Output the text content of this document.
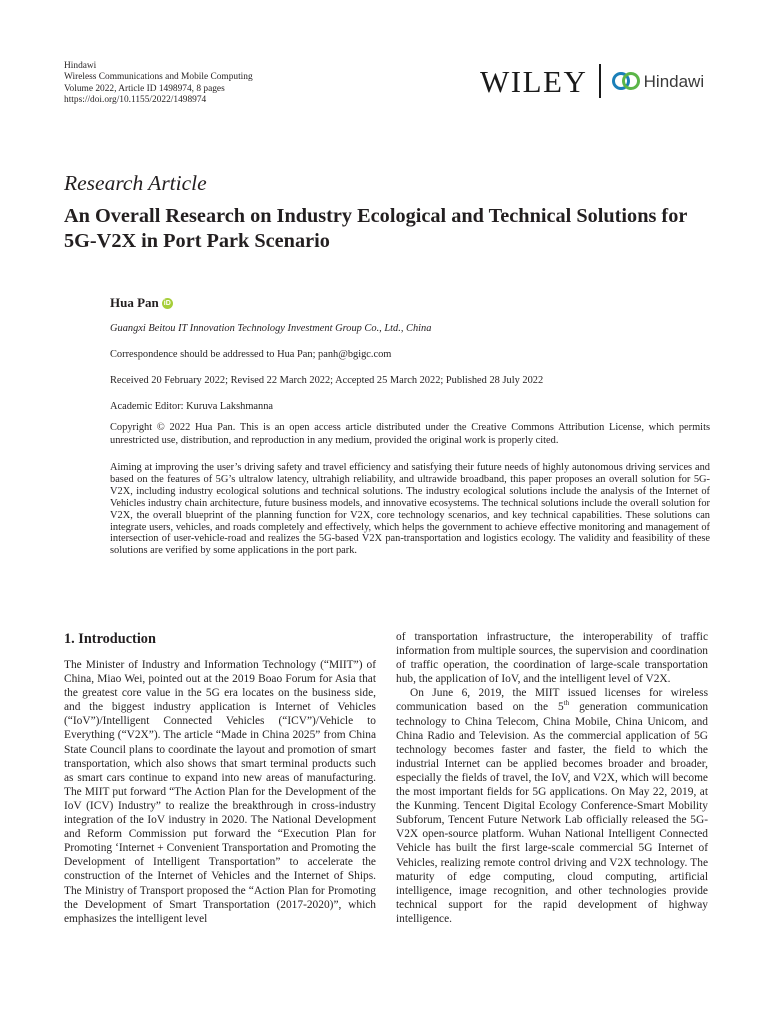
Hindawi
Wireless Communications and Mobile Computing
Volume 2022, Article ID 1498974, 8 pages
https://doi.org/10.1155/2022/1498974
WILEY	Hindawi
Research Article
An Overall Research on Industry Ecological and Technical Solutions for 5G-V2X in Port Park Scenario
Hua Pan iD
Guangxi Beitou IT Innovation Technology Investment Group Co., Ltd., China
Correspondence should be addressed to Hua Pan; panh@bgigc.com
Received 20 February 2022; Revised 22 March 2022; Accepted 25 March 2022; Published 28 July 2022
Academic Editor: Kuruva Lakshmanna
Copyright © 2022 Hua Pan. This is an open access article distributed under the Creative Commons Attribution License, which permits unrestricted use, distribution, and reproduction in any medium, provided the original work is properly cited.
Aiming at improving the user’s driving safety and travel efficiency and satisfying their future needs of highly autonomous driving services and based on the features of 5G’s ultralow latency, ultrahigh reliability, and ultrawide broadband, this paper proposes an overall solution for 5G-V2X, including industry ecological solutions and technical solutions. The industry ecological solutions include the analysis of the Internet of Vehicles industry chain architecture, future business models, and innovative ecosystems. The technical solutions include the overall solution for V2X, the overall blueprint of the planning function for V2X, core technology scenarios, and key technical capabilities. These solutions can integrate users, vehicles, and roads completely and effectively, which helps the government to achieve effective monitoring and management of intersection of user-vehicle-road and realizes the 5G-based V2X pan-transportation and logistics ecology. The validity and feasibility of these solutions are verified by some applications in the port park.
1. Introduction

The Minister of Industry and Information Technology (“MIIT”) of China, Miao Wei, pointed out at the 2019 Boao Forum for Asia that the greatest core value in the 5G era locates on the business side, and the biggest industry application is Internet of Vehicles (“IoV”)/Intelligent Connected Vehicles (“ICV”)/Vehicle to Everything (“V2X”). The article “Made in China 2025” from China State Council plans to coordinate the layout and promotion of smart transportation, which also shows that smart terminal products such as smart cars continue to expand into new areas of manufacturing. The MIIT put forward “The Action Plan for the Development of the IoV (ICV) Industry” to realize the breakthrough in cross-industry integration of the IoV industry in 2020. The National Development and Reform Commission put forward the “Execution Plan for Promoting ‘Internet + Convenient Transportation and Promoting the Development of Intelligent Transportation” to accelerate the construction of the Internet of Vehicles and the Internet of Ships. The Ministry of Transport proposed the “Action Plan for Promoting the Development of Smart Transportation (2017-2020)”, which emphasizes the intelligent level

of transportation infrastructure, the interoperability of traffic information from multiple sources, the supervision and coordination of traffic operation, the coordination of large-scale transportation hub, the application of IoV, and the intelligent level of V2X.

On June 6, 2019, the MIIT issued licenses for wireless communication based on the 5th generation communication technology to China Telecom, China Mobile, China Unicom, and China Radio and Television. As the commercial application of 5G technology becomes faster and faster, the field to which the industrial Internet can be applied becomes broader and broader, especially the fields of travel, the IoV, and V2X, which will become the most important fields for 5G applications. On May 22, 2019, at the Kunming. Tencent Digital Ecology Conference-Smart Mobility Subforum, Tencent Future Network Lab officially released the 5G-V2X open-source platform. Wuhan National Intelligent Connected Vehicle has built the first large-scale commercial 5G Internet of Vehicles, realizing remote control driving and V2X technology. The maturity of edge computing, cloud computing, artificial intelligence, image recognition, and other technologies provide technical support for the rapid development of highway intelligence.
